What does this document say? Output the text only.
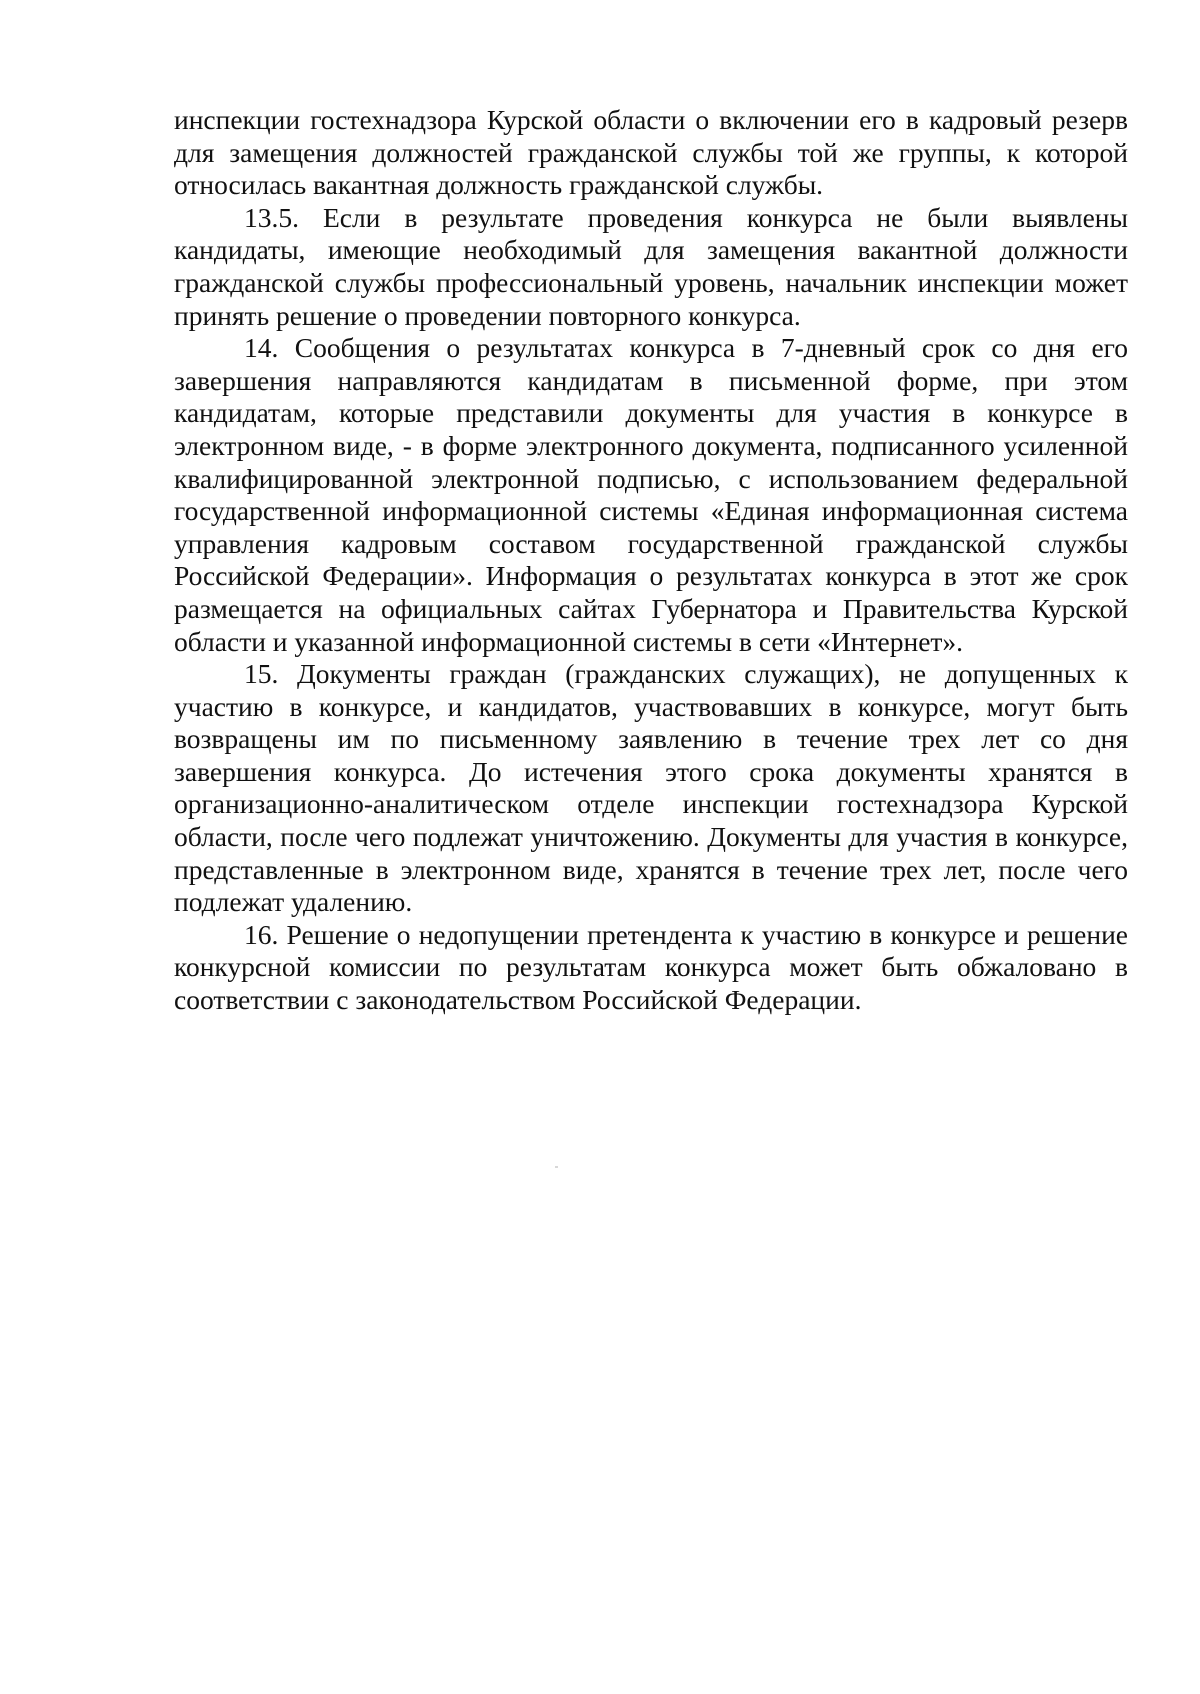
инспекции гостехнадзора Курской области о включении его в кадровый резерв для замещения должностей гражданской службы той же группы, к которой относилась вакантная должность гражданской службы.

13.5. Если в результате проведения конкурса не были выявлены кандидаты, имеющие необходимый для замещения вакантной должности гражданской службы профессиональный уровень, начальник инспекции может принять решение о проведении повторного конкурса.

14. Сообщения о результатах конкурса в 7-дневный срок со дня его завершения направляются кандидатам в письменной форме, при этом кандидатам, которые представили документы для участия в конкурсе в электронном виде, - в форме электронного документа, подписанного усиленной квалифицированной электронной подписью, с использованием федеральной государственной информационной системы «Единая информационная система управления кадровым составом государственной гражданской службы Российской Федерации». Информация о результатах конкурса в этот же срок размещается на официальных сайтах Губернатора и Правительства Курской области и указанной информационной системы в сети «Интернет».

15. Документы граждан (гражданских служащих), не допущенных к участию в конкурсе, и кандидатов, участвовавших в конкурсе, могут быть возвращены им по письменному заявлению в течение трех лет со дня завершения конкурса. До истечения этого срока документы хранятся в организационно-аналитическом отделе инспекции гостехнадзора Курской области, после чего подлежат уничтожению. Документы для участия в конкурсе, представленные в электронном виде, хранятся в течение трех лет, после чего подлежат удалению.

16. Решение о недопущении претендента к участию в конкурсе и решение конкурсной комиссии по результатам конкурса может быть обжаловано в соответствии с законодательством Российской Федерации.
